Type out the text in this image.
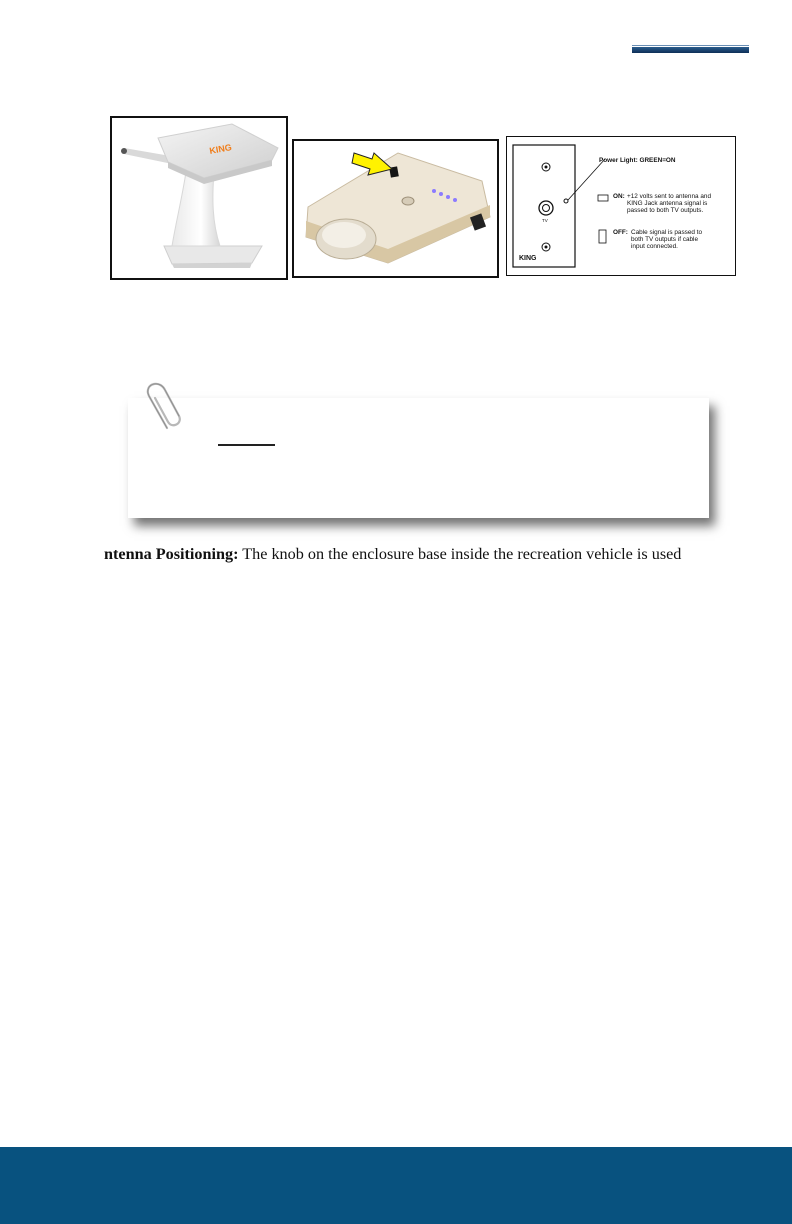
KING
Power Light: GREEN=ON
ON: +12 volts sent to antenna and
KING Jack antenna signal is
passed to both TV outputs.
OFF: Cable signal is passed to
both TV outputs if cable
input connected.
TV
KING
ntenna Positioning: The knob on the enclosure base inside the recreation vehicle is used
